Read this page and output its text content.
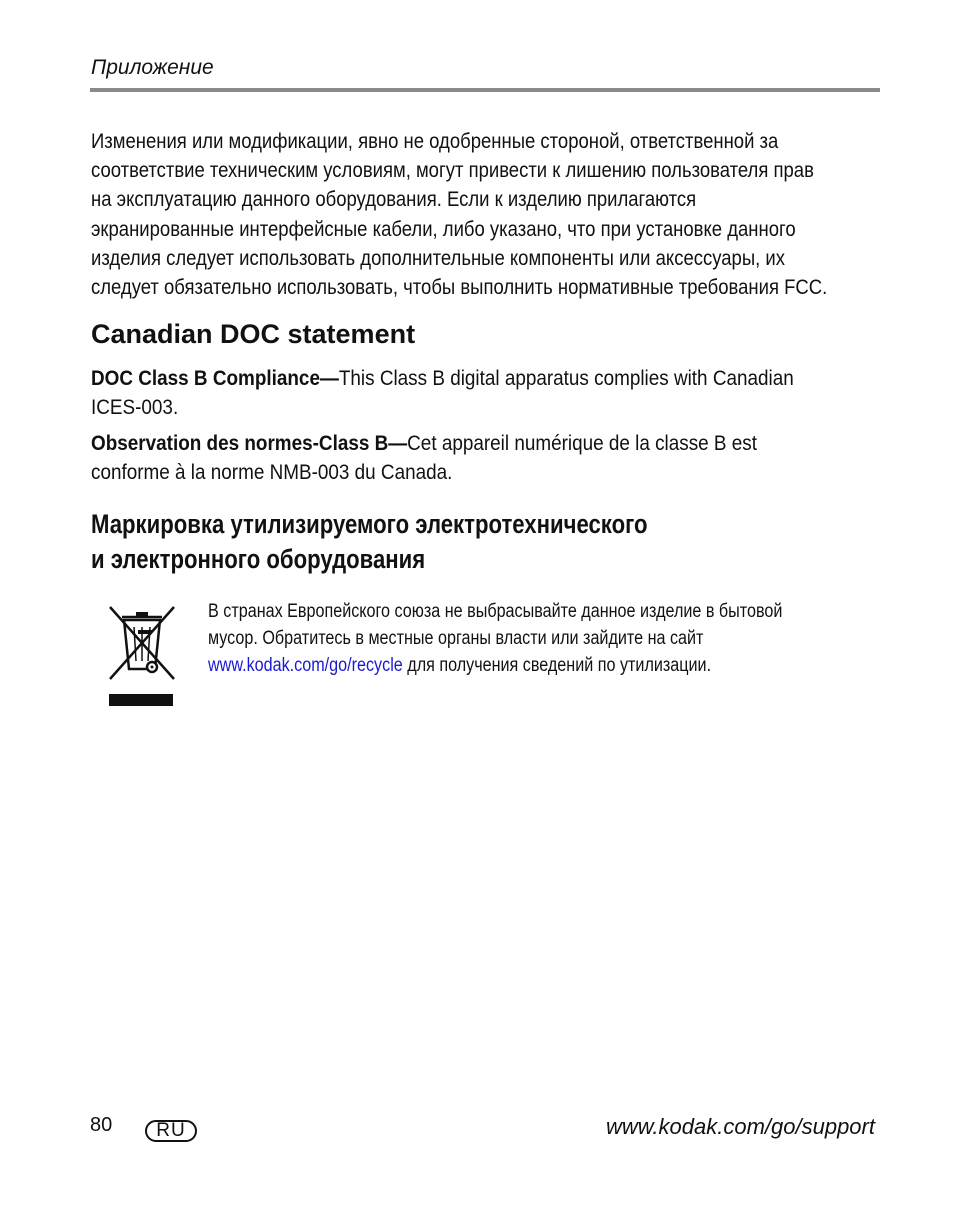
Приложение
Изменения или модификации, явно не одобренные стороной, ответственной за
соответствие техническим условиям, могут привести к лишению пользователя прав
на эксплуатацию данного оборудования. Если к изделию прилагаются
экранированные интерфейсные кабели, либо указано, что при установке данного
изделия следует использовать дополнительные компоненты или аксессуары, их
следует обязательно использовать, чтобы выполнить нормативные требования FCC.
Canadian DOC statement
DOC Class B Compliance—This Class B digital apparatus complies with Canadian
ICES-003.
Observation des normes-Class B—Cet appareil numérique de la classe B est
conforme à la norme NMB-003 du Canada.
Маркировка утилизируемого электротехнического
и электронного оборудования
В странах Европейского союза не выбрасывайте данное изделие в бытовой
мусор. Обратитесь в местные органы власти или зайдите на сайт
www.kodak.com/go/recycle для получения сведений по утилизации.
80	RU	www.kodak.com/go/support
